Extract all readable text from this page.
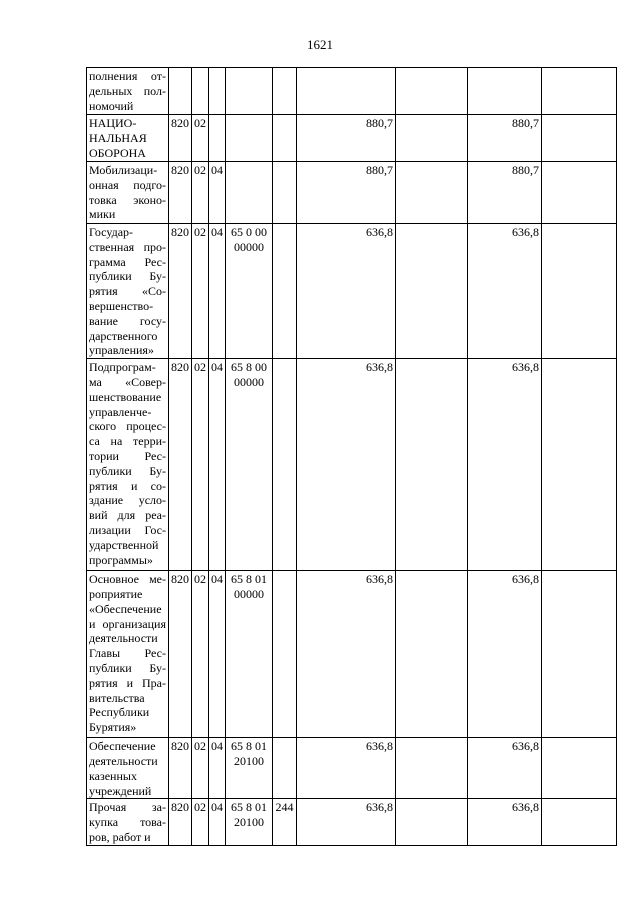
1621
полнения от-дельных пол-номочий									
НАЦИО-НАЛЬНАЯ ОБОРОНА	820	02				880,7		880,7	
Мобилизаци-онная подго-товка эконо-мики	820	02	04			880,7		880,7	
Государ-ственная про-грамма Рес-публики Бу-рятия «Со-вершенство-вание госу-дарственного управления»	820	02	04	65 0 00 00000		636,8		636,8	
Подпрограм-ма «Совер-шенствование управленче-ского процес-са на терри-тории Рес-публики Бу-рятия и со-здание усло-вий для реа-лизации Гос-ударственной программы»	820	02	04	65 8 00 00000		636,8		636,8	
Основное ме-роприятие «Обеспечение и организация деятельности Главы Рес-публики Бу-рятия и Пра-вительства Республики Бурятия»	820	02	04	65 8 01 00000		636,8		636,8	
Обеспечение деятельности казенных учреждений	820	02	04	65 8 01 20100		636,8		636,8	
Прочая за-купка това-ров, работ и	820	02	04	65 8 01 20100	244	636,8		636,8	
